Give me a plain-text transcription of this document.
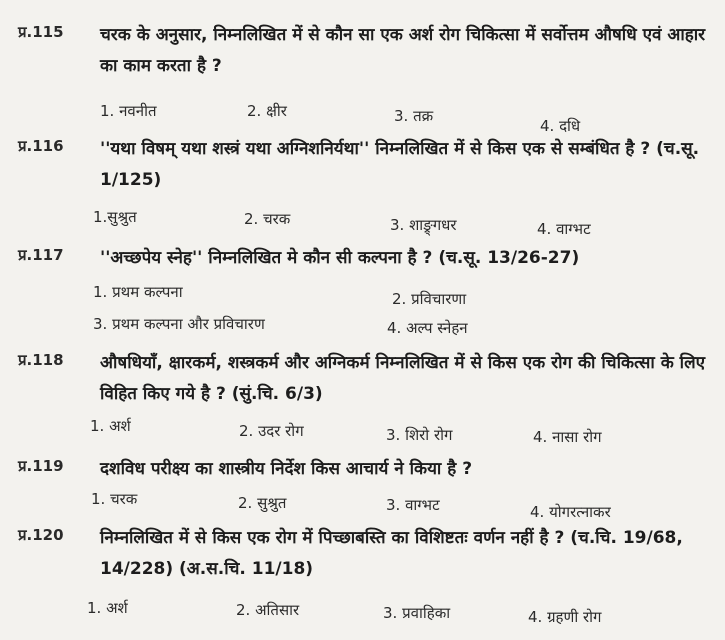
प्र.115 चरक के अनुसार, निम्नलिखित में से कौन सा एक अर्श रोग चिकित्सा में सर्वोत्तम औषधि एवं आहार का काम करता है ?
1. नवनीत	2. क्षीर	3. तक्र
4. दधि
प्र.116 ''यथा विषम् यथा शस्त्रं यथा अग्निशनिर्यथा'' निम्नलिखित में से किस एक से सम्बंधित है ? (च.सू. 1/125)
1.सुश्रुत	2. चरक	3. शाङ्र्गधर	4. वाग्भट
प्र.117 ''अच्छपेय स्नेह'' निम्नलिखित मे कौन सी कल्पना है ? (च.सू. 13/26-27)
1. प्रथम कल्पना	2. प्रविचारणा
3. प्रथम कल्पना और प्रविचारण	4. अल्प स्नेहन
प्र.118 औषधियाँ, क्षारकर्म, शस्त्रकर्म और अग्निकर्म निम्नलिखित में से किस एक रोग की चिकित्सा के लिए विहित किए गये है ? (सुं.चि. 6/3)
1. अर्श	2. उदर रोग	3. शिरो रोग	4. नासा रोग
प्र.119 दशविध परीक्ष्य का शास्त्रीय निर्देश किस आचार्य ने किया है ?
1. चरक	2. सुश्रुत	3. वाग्भट	4. योगरत्नाकर
प्र.120 निम्नलिखित में से किस एक रोग में पिच्छाबस्ति का विशिष्टतः वर्णन नहीं है ? (च.चि. 19/68, 14/228) (अ.स.चि. 11/18)
1. अर्श	2. अतिसार	3. प्रवाहिका	4. ग्रहणी रोग
